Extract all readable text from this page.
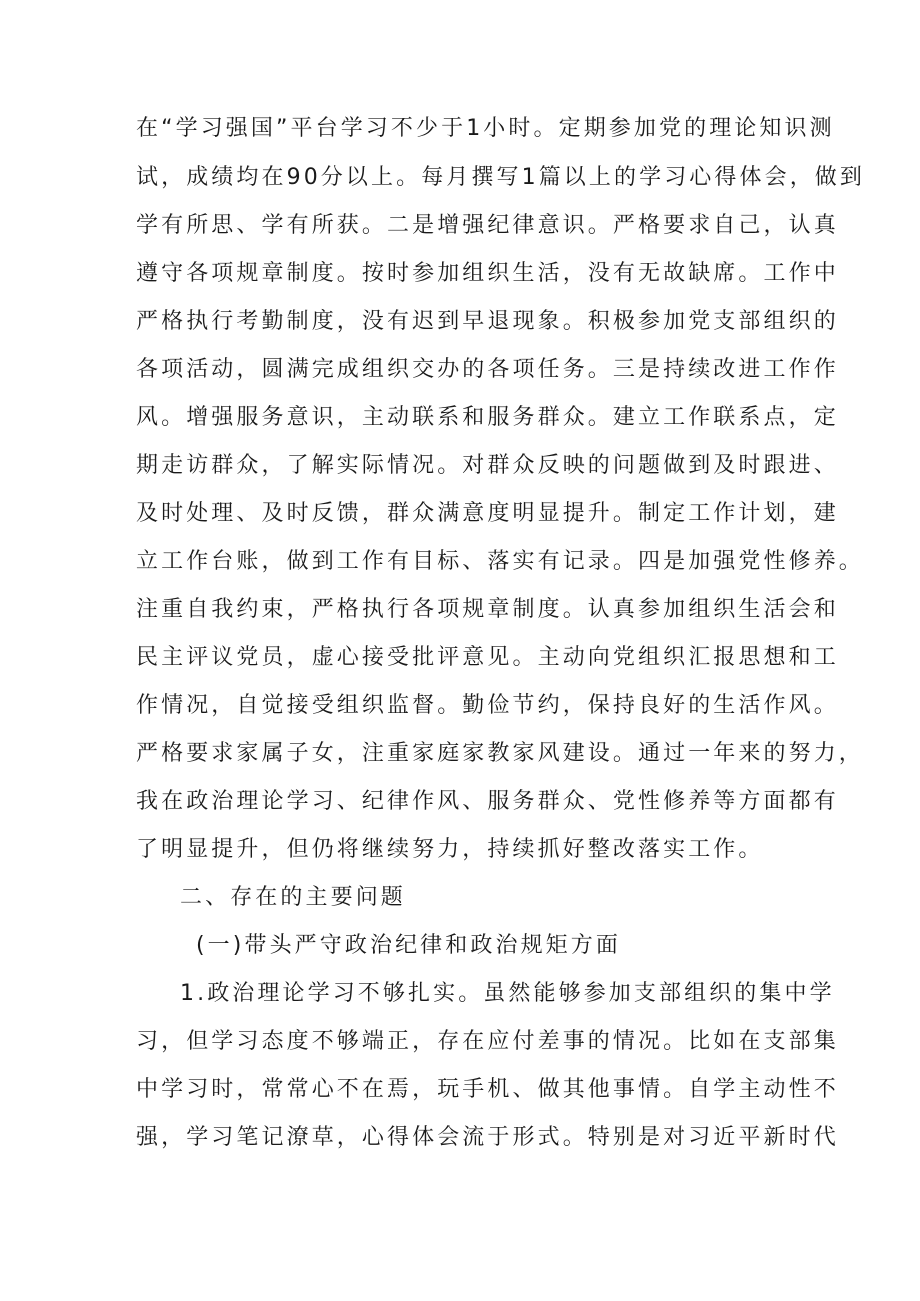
在“学习强国”平台学习不少于1小时。定期参加党的理论知识测

试，成绩均在90分以上。每月撰写1篇以上的学习心得体会，做到

学有所思、学有所获。二是增强纪律意识。严格要求自己，认真

遵守各项规章制度。按时参加组织生活，没有无故缺席。工作中

严格执行考勤制度，没有迟到早退现象。积极参加党支部组织的

各项活动，圆满完成组织交办的各项任务。三是持续改进工作作

风。增强服务意识，主动联系和服务群众。建立工作联系点，定

期走访群众，了解实际情况。对群众反映的问题做到及时跟进、

及时处理、及时反馈，群众满意度明显提升。制定工作计划，建

立工作台账，做到工作有目标、落实有记录。四是加强党性修养。

注重自我约束，严格执行各项规章制度。认真参加组织生活会和

民主评议党员，虚心接受批评意见。主动向党组织汇报思想和工

作情况，自觉接受组织监督。勤俭节约，保持良好的生活作风。

严格要求家属子女，注重家庭家教家风建设。通过一年来的努力，

我在政治理论学习、纪律作风、服务群众、党性修养等方面都有

了明显提升，但仍将继续努力，持续抓好整改落实工作。

二、存在的主要问题

(一)带头严守政治纪律和政治规矩方面

1.政治理论学习不够扎实。虽然能够参加支部组织的集中学

习，但学习态度不够端正，存在应付差事的情况。比如在支部集

中学习时，常常心不在焉，玩手机、做其他事情。自学主动性不

强，学习笔记潦草，心得体会流于形式。特别是对习近平新时代
